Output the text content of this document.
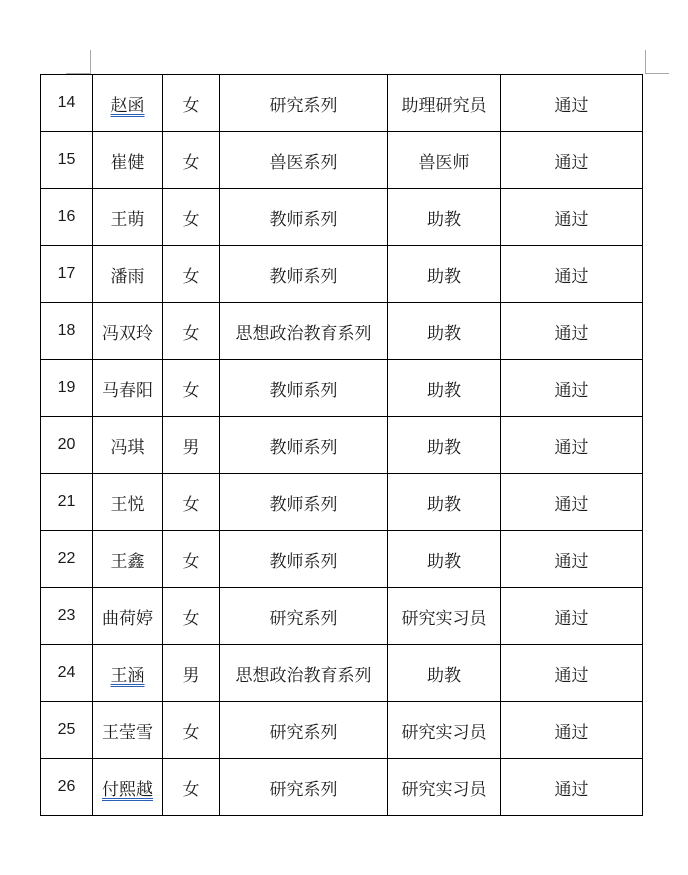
14	赵函	女	研究系列	助理研究员	通过
15	崔健	女	兽医系列	兽医师	通过
16	王萌	女	教师系列	助教	通过
17	潘雨	女	教师系列	助教	通过
18	冯双玲	女	思想政治教育系列	助教	通过
19	马春阳	女	教师系列	助教	通过
20	冯琪	男	教师系列	助教	通过
21	王悦	女	教师系列	助教	通过
22	王鑫	女	教师系列	助教	通过
23	曲荷婷	女	研究系列	研究实习员	通过
24	王涵	男	思想政治教育系列	助教	通过
25	王莹雪	女	研究系列	研究实习员	通过
26	付熙越	女	研究系列	研究实习员	通过
